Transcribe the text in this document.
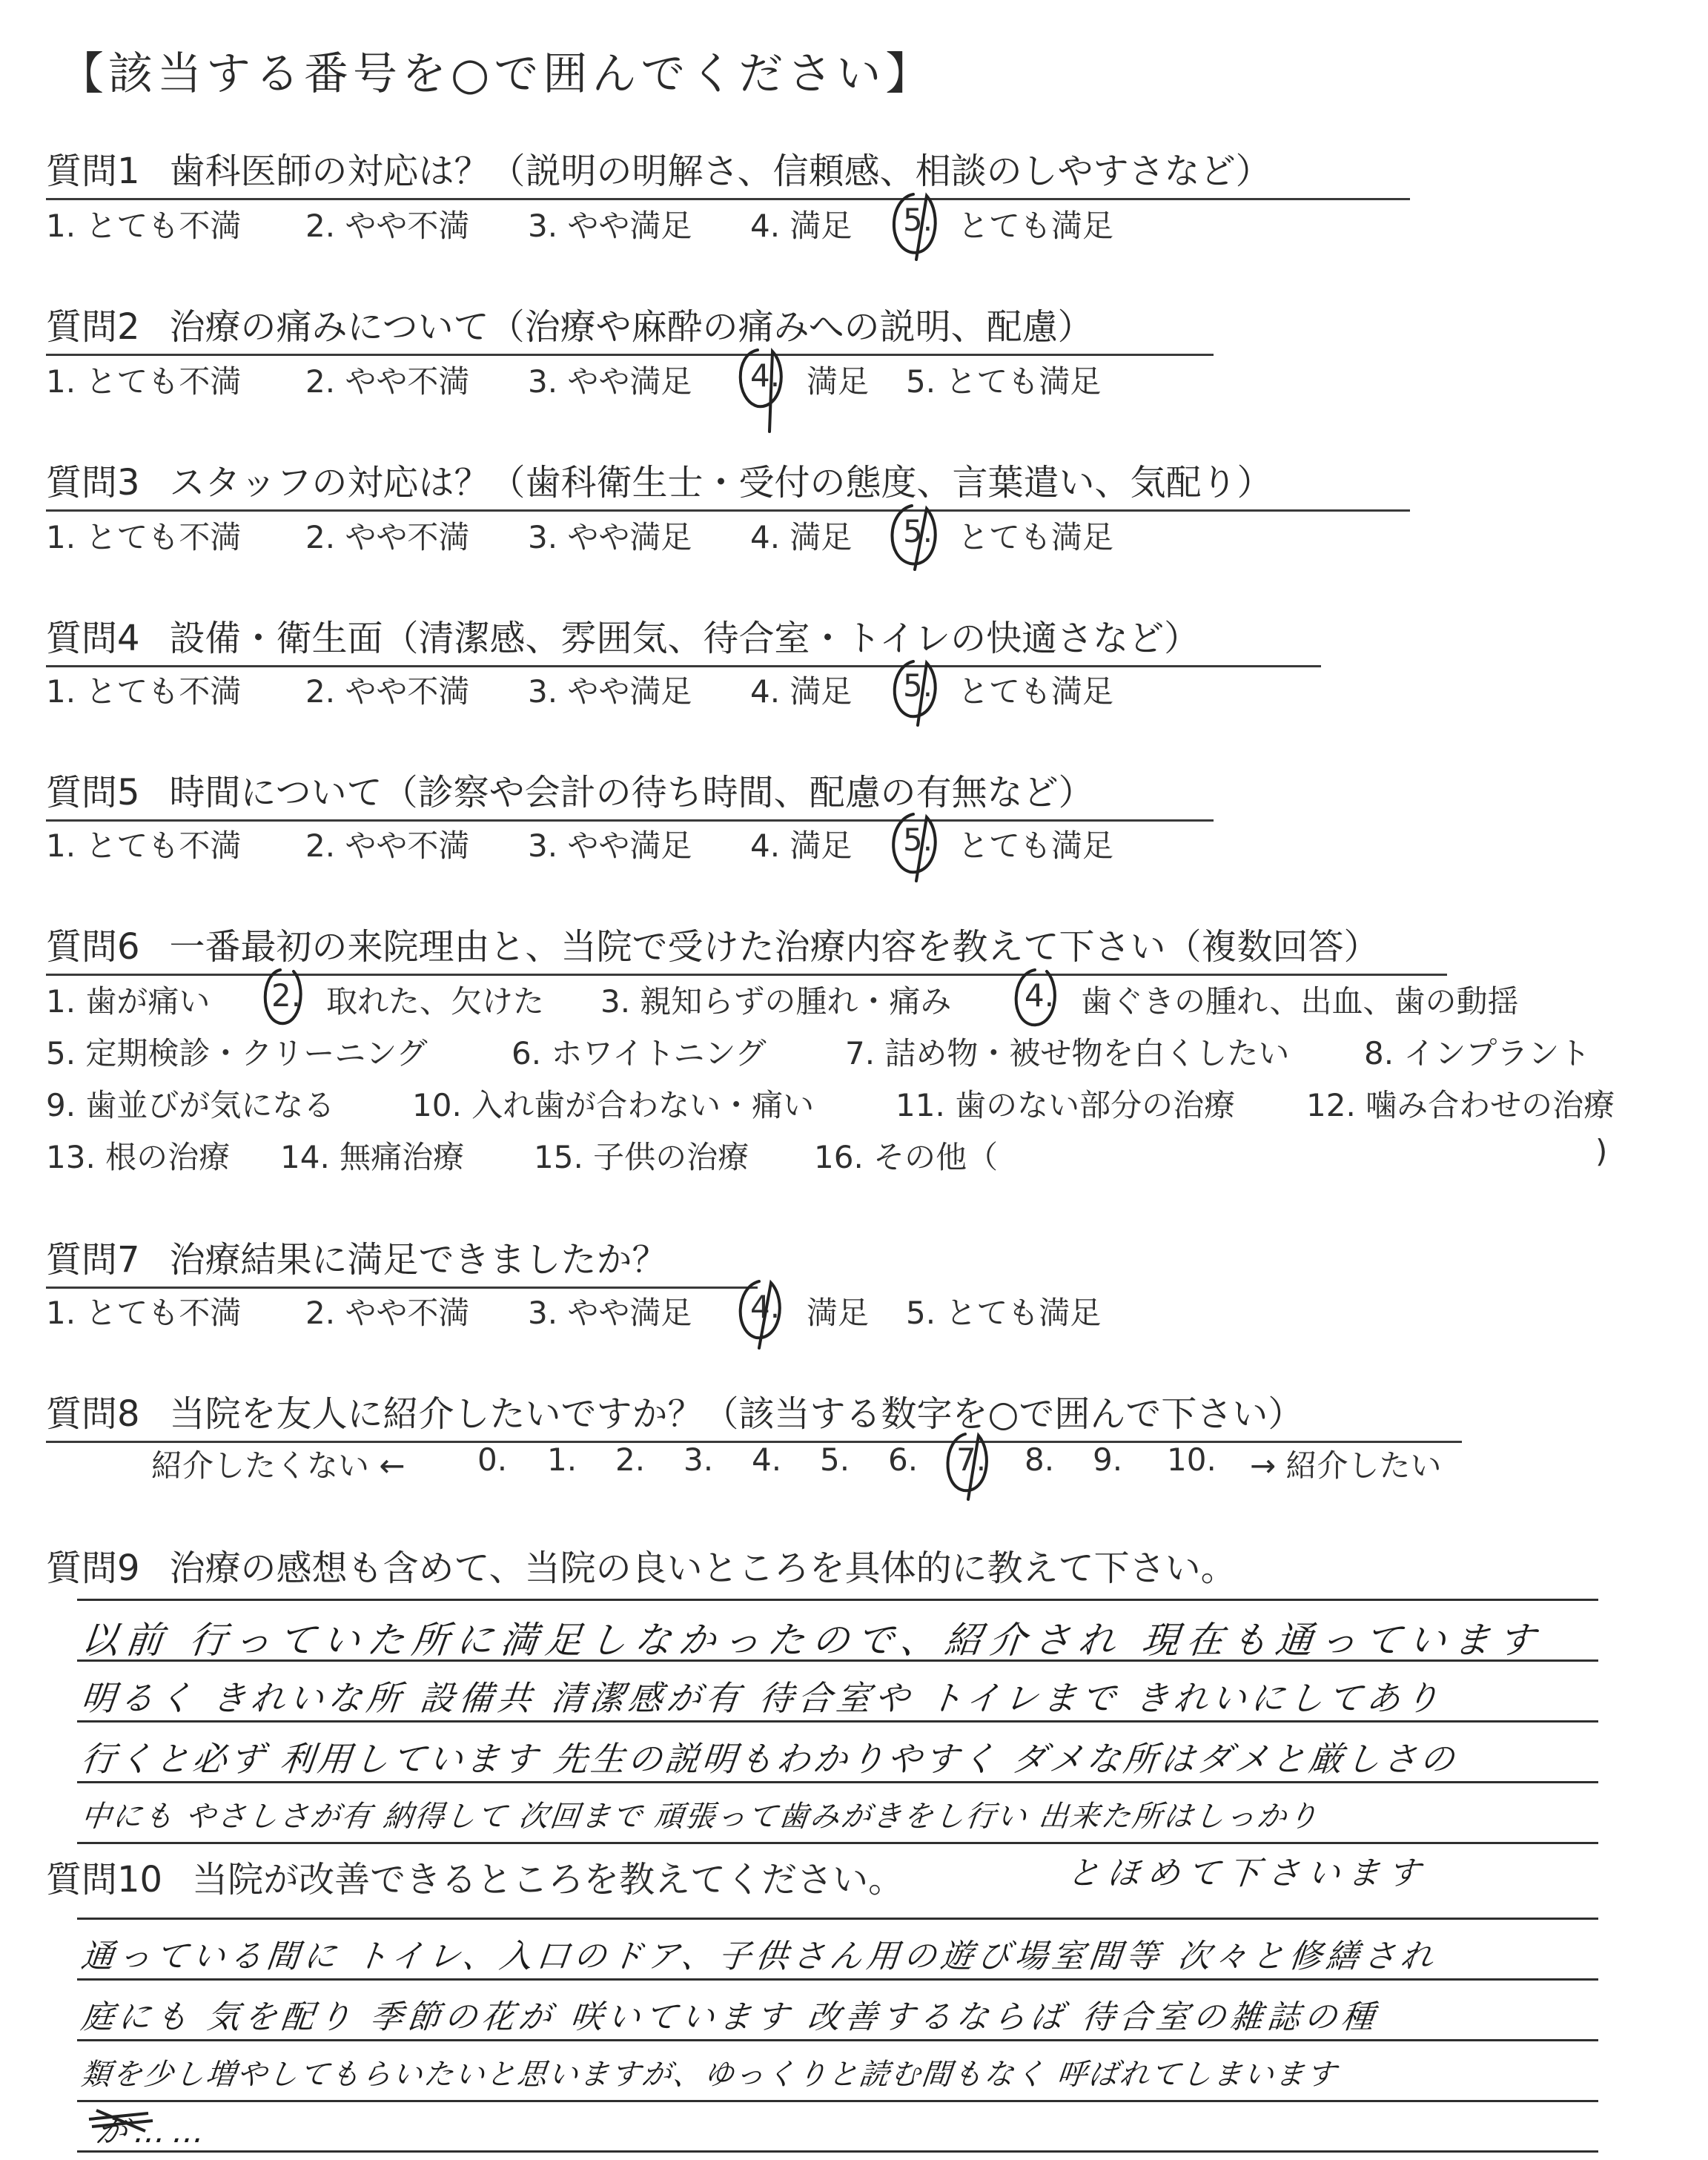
【該当する番号を○で囲んでください】
質問1 歯科医師の対応は？（説明の明解さ、信頼感、相談のしやすさなど）
1. とても不満 2. やや不満 3. やや満足 4. 満足 5. とても満足
質問2 治療の痛みについて（治療や麻酔の痛みへの説明、配慮）
1. とても不満 2. やや不満 3. やや満足 4. 満足 5. とても満足
質問3 スタッフの対応は？（歯科衛生士・受付の態度、言葉遣い、気配り）
1. とても不満 2. やや不満 3. やや満足 4. 満足 5. とても満足
質問4 設備・衛生面（清潔感、雰囲気、待合室・トイレの快適さなど）
1. とても不満 2. やや不満 3. やや満足 4. 満足 5. とても満足
質問5 時間について（診察や会計の待ち時間、配慮の有無など）
1. とても不満 2. やや不満 3. やや満足 4. 満足 5. とても満足
質問6 一番最初の来院理由と、当院で受けた治療内容を教えて下さい（複数回答）
1. 歯が痛い 2. 取れた、欠けた 3. 親知らずの腫れ・痛み 4. 歯ぐきの腫れ、出血、歯の動揺
5. 定期検診・クリーニング	6. ホワイトニング	7. 詰め物・被せ物を白くしたい 8. インプラント
9. 歯並びが気になる 10. 入れ歯が合わない・痛い	11. 歯のない部分の治療 12. 噛み合わせの治療
13. 根の治療 14. 無痛治療 15. 子供の治療 16. その他（	)
質問7 治療結果に満足できましたか？
1. とても不満 2. やや不満 3. やや満足 4. 満足 5. とても満足
質問8 当院を友人に紹介したいですか？（該当する数字を○で囲んで下さい）
紹介したくない ← 0. 1. 2. 3. 4. 5. 6. 7. 8. 9. 10. → 紹介したい
質問9 治療の感想も含めて、当院の良いところを具体的に教えて下さい。
以前 行っていた所に満足しなかったので、紹介され 現在も通っています
明るく きれいな所 設備共 清潔感が有 待合室や トイレまで きれいにしてあり
行くと必ず 利用しています 先生の説明もわかりやすく ダメな所はダメと厳しさの
中にも やさしさが有 納得して 次回まで 頑張って歯みがきをし行い 出来た所はしっかり
とほめて下さいます
質問10 当院が改善できるところを教えてください。
通っている間に トイレ、入口のドア、子供さん用の遊び場室間等 次々と修繕され
庭にも 気を配り 季節の花が 咲いています 改善するならば 待合室の雑誌の種
類を少し増やしてもらいたいと思いますが、ゆっくりと読む間もなく 呼ばれてしまいます
が……
